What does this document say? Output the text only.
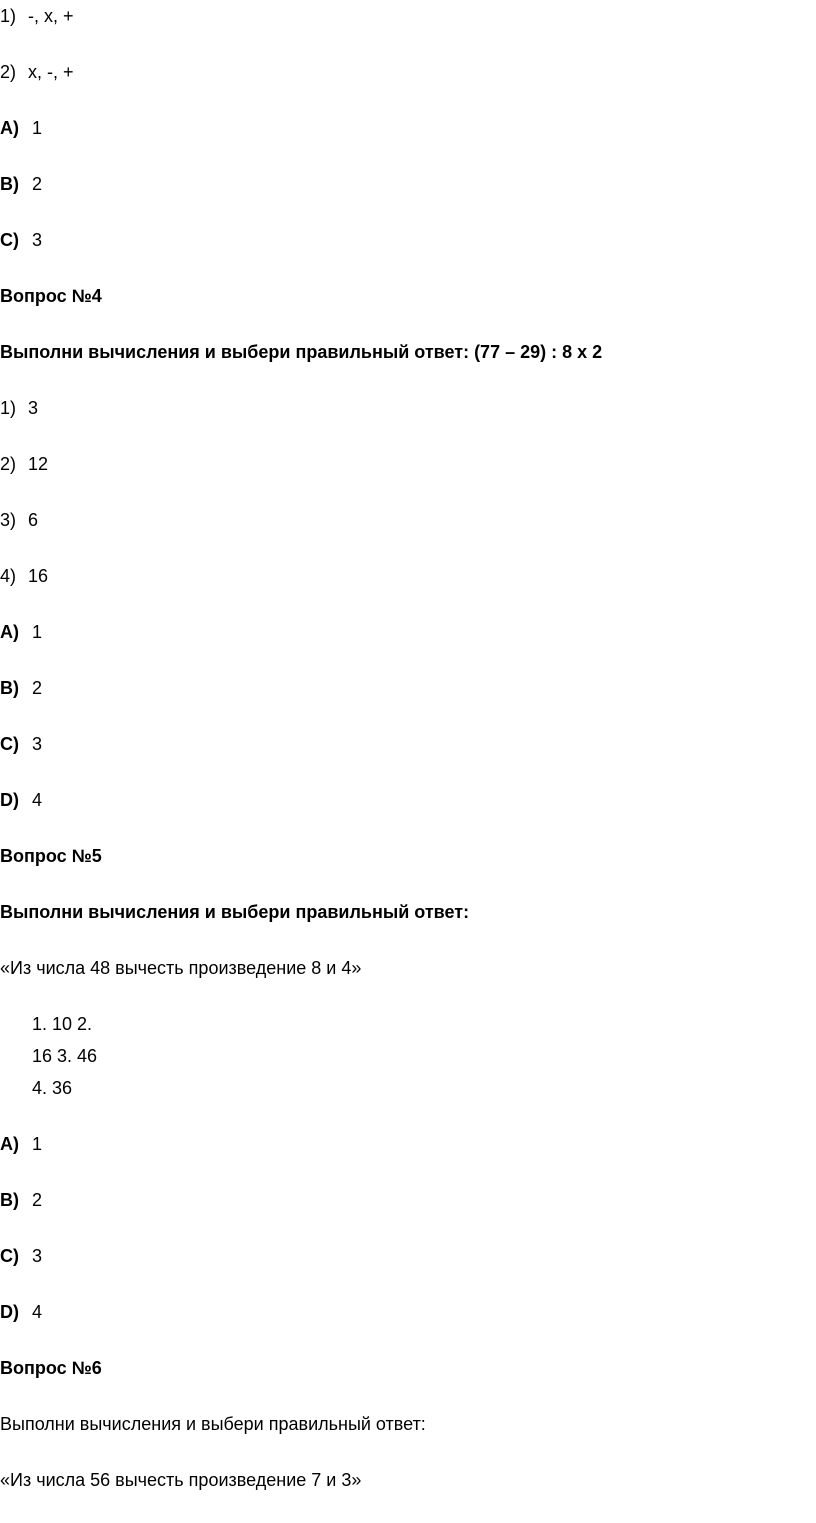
1) -, x, +
2) x, -, +
A) 1
B) 2
C) 3
Вопрос №4
Выполни вычисления и выбери правильный ответ: (77 – 29) : 8 х 2
1) 3
2) 12
3) 6
4) 16
A) 1
B) 2
C) 3
D) 4
Вопрос №5
Выполни вычисления и выбери правильный ответ:
«Из числа 48 вычесть произведение 8 и 4»
1. 10 2.
16 3. 46
4. 36
A) 1
B) 2
C) 3
D) 4
Вопрос №6
Выполни вычисления и выбери правильный ответ:
«Из числа 56 вычесть произведение 7 и 3»
